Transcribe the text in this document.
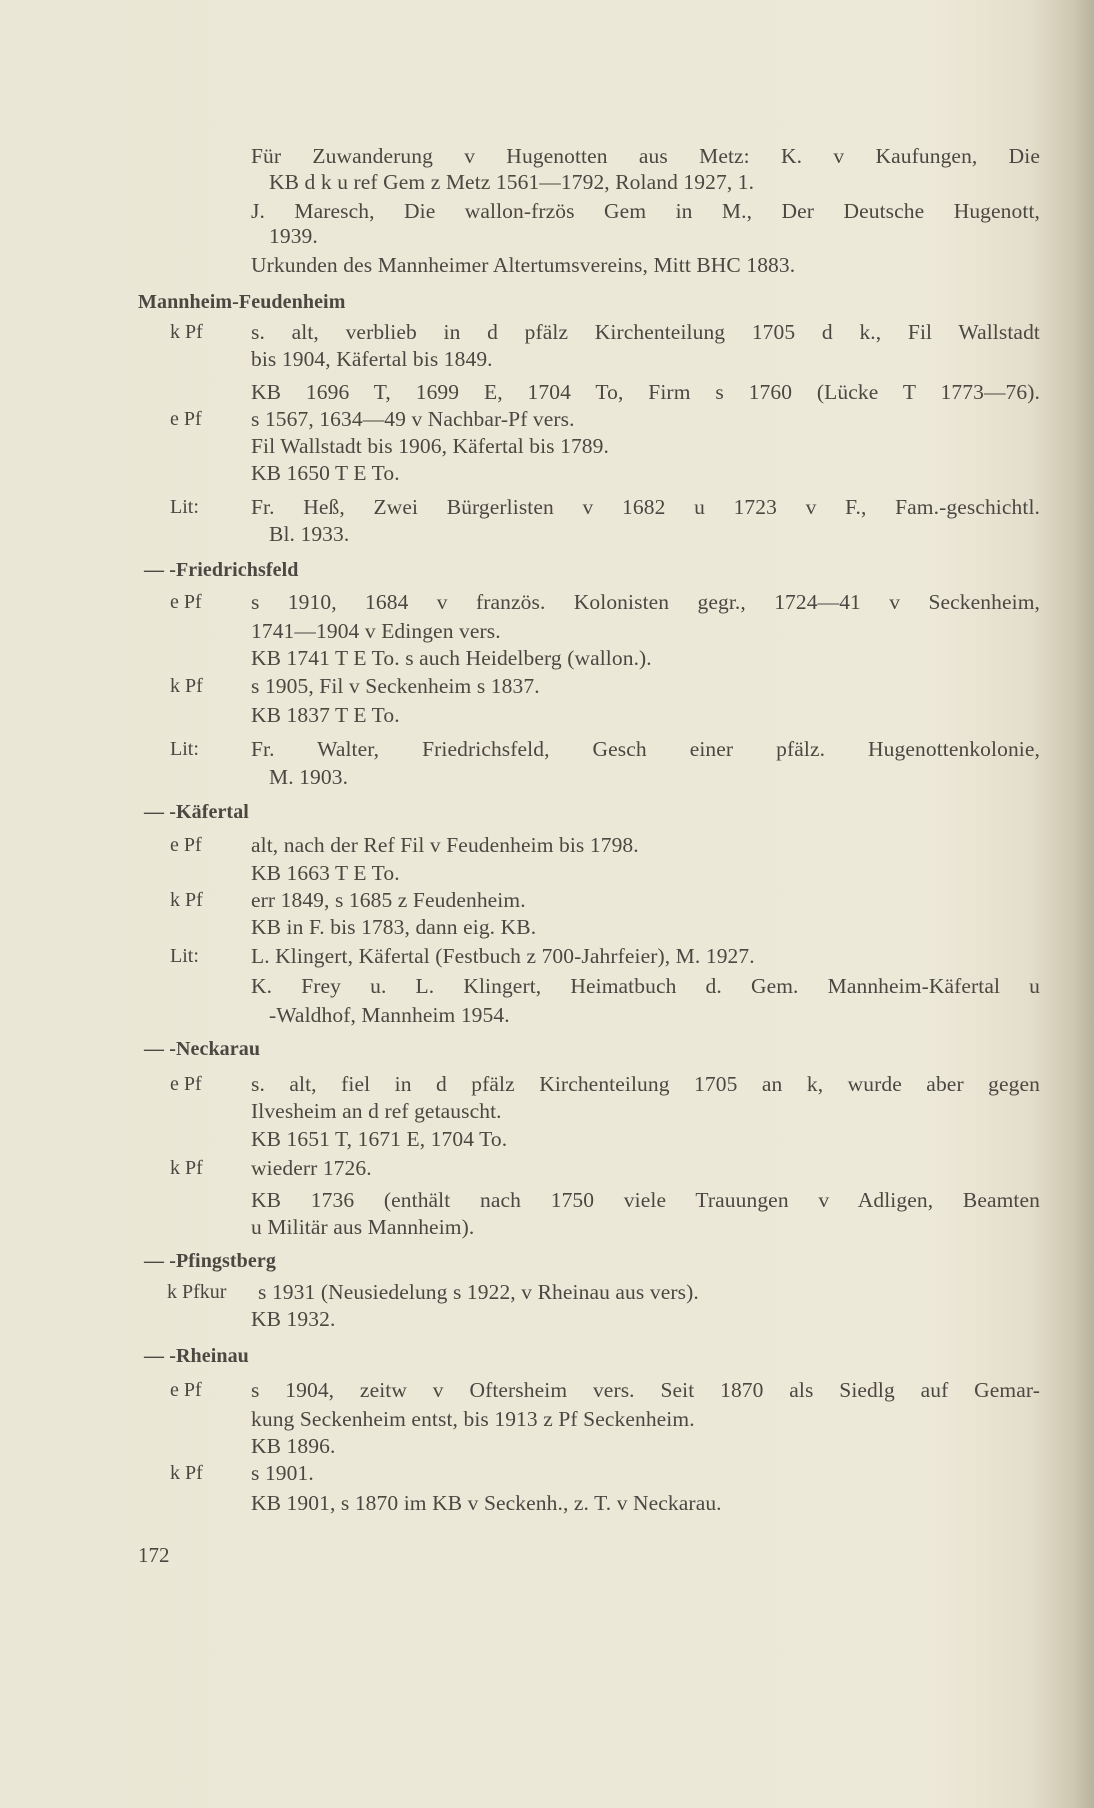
Für Zuwanderung v Hugenotten aus Metz: K. v Kaufungen, Die
KB d k u ref Gem z Metz 1561—1792, Roland 1927, 1.
J. Maresch, Die wallon-frzös Gem in M., Der Deutsche Hugenott,
1939.
Urkunden des Mannheimer Altertumsvereins, Mitt BHC 1883.
Mannheim-Feudenheim
k Pf s. alt, verblieb in d pfälz Kirchenteilung 1705 d k., Fil Wallstadt
bis 1904, Käfertal bis 1849.
KB 1696 T, 1699 E, 1704 To, Firm s 1760 (Lücke T 1773—76).
e Pf s 1567, 1634—49 v Nachbar-Pf vers.
Fil Wallstadt bis 1906, Käfertal bis 1789.
KB 1650 T E To.
Lit: Fr. Heß, Zwei Bürgerlisten v 1682 u 1723 v F., Fam.-geschichtl.
Bl. 1933.
— -Friedrichsfeld
e Pf s 1910, 1684 v französ. Kolonisten gegr., 1724—41 v Seckenheim,
1741—1904 v Edingen vers.
KB 1741 T E To. s auch Heidelberg (wallon.).
k Pf s 1905, Fil v Seckenheim s 1837.
KB 1837 T E To.
Lit: Fr. Walter, Friedrichsfeld, Gesch einer pfälz. Hugenottenkolonie,
M. 1903.
— -Käfertal
e Pf alt, nach der Ref Fil v Feudenheim bis 1798.
KB 1663 T E To.
k Pf err 1849, s 1685 z Feudenheim.
KB in F. bis 1783, dann eig. KB.
Lit: L. Klingert, Käfertal (Festbuch z 700-Jahrfeier), M. 1927.
K. Frey u. L. Klingert, Heimatbuch d. Gem. Mannheim-Käfertal u
-Waldhof, Mannheim 1954.
— -Neckarau
e Pf s. alt, fiel in d pfälz Kirchenteilung 1705 an k, wurde aber gegen
Ilvesheim an d ref getauscht.
KB 1651 T, 1671 E, 1704 To.
k Pf wiederr 1726.
KB 1736 (enthält nach 1750 viele Trauungen v Adligen, Beamten
u Militär aus Mannheim).
— -Pfingstberg
k Pfkur s 1931 (Neusiedelung s 1922, v Rheinau aus vers).
KB 1932.
— -Rheinau
e Pf s 1904, zeitw v Oftersheim vers. Seit 1870 als Siedlg auf Gemar-
kung Seckenheim entst, bis 1913 z Pf Seckenheim.
KB 1896.
k Pf s 1901.
KB 1901, s 1870 im KB v Seckenh., z. T. v Neckarau.
172
